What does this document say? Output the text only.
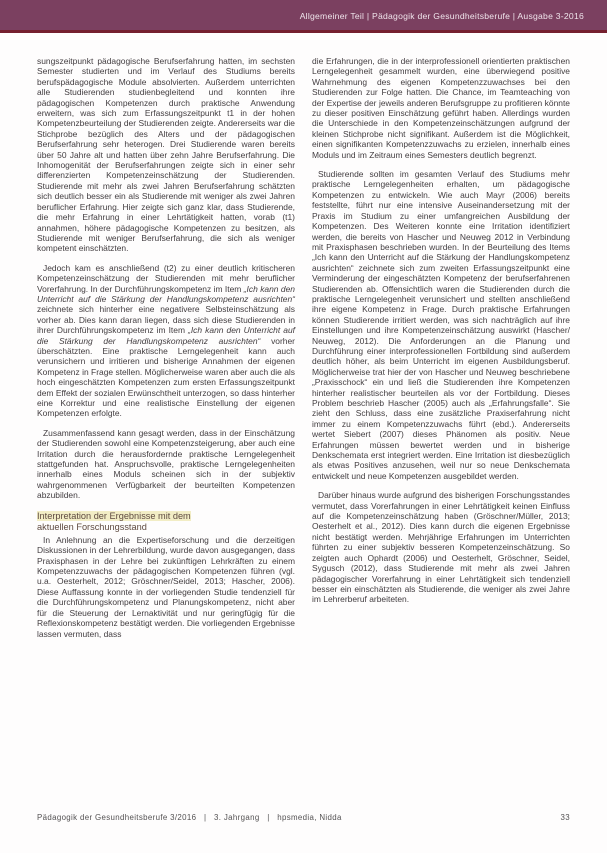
Allgemeiner Teil | Pädagogik der Gesundheitsberufe | Ausgabe 3-2016

sungszeitpunkt pädagogische Berufserfahrung hatten, im sechsten Semester studierten und im Verlauf des Studiums bereits berufspädagogische Module absolvierten. Außerdem unterrichten alle Studierenden studienbegleitend und konnten ihre pädagogischen Kompetenzen durch praktische Anwendung erweitern, was sich zum Erfassungszeitpunkt t1 in der hohen Kompetenzbeurteilung der Studierenden zeigte. Andererseits war die Stichprobe bezüglich des Alters und der pädagogischen Berufserfahrung sehr heterogen. Drei Studierende waren bereits über 50 Jahre alt und hatten über zehn Jahre Berufserfahrung. Die Inhomogenität der Berufserfahrungen zeigte sich in einer sehr differenzierten Kompetenzeinschätzung der Studierenden. Studierende mit mehr als zwei Jahren Berufserfahrung schätzten sich deutlich besser ein als Studierende mit weniger als zwei Jahren beruflicher Erfahrung. Hier zeigte sich ganz klar, dass Studierende, die mehr Erfahrung in einer Lehrtätigkeit hatten, vorab (t1) annahmen, höhere pädagogische Kompetenzen zu besitzen, als Studierende mit weniger Berufserfahrung, die sich als weniger kompetent einschätzten.

Jedoch kam es anschließend (t2) zu einer deutlich kritischeren Kompetenzeinschätzung der Studierenden mit mehr beruflicher Vorerfahrung. In der Durchführungskompetenz im Item „Ich kann den Unterricht auf die Stärkung der Handlungskompetenz ausrichten“ zeichnete sich hinterher eine negativere Selbsteinschätzung als vorher ab. Dies kann daran liegen, dass sich diese Studierenden in ihrer Durchführungskompetenz im Item „Ich kann den Unterricht auf die Stärkung der Handlungskompetenz ausrichten“ vorher überschätzten. Eine praktische Lerngelegenheit kann auch verunsichern und irritieren und bisherige Annahmen der eigenen Kompetenz in Frage stellen. Möglicherweise waren aber auch die als hoch eingeschätzten Kompetenzen zum ersten Erfassungszeitpunkt dem Effekt der sozialen Erwünschtheit unterzogen, so dass hinterher eine Korrektur und eine realistische Einstellung der eigenen Kompetenzen erfolgte.

Zusammenfassend kann gesagt werden, dass in der Einschätzung der Studierenden sowohl eine Kompetenzsteigerung, aber auch eine Irritation durch die herausfordernde praktische Lerngelegenheit stattgefunden hat. Anspruchsvolle, praktische Lerngelegenheiten innerhalb eines Moduls scheinen sich in der subjektiv wahrgenommenen Verfügbarkeit der beurteilten Kompetenzen abzubilden.

Interpretation der Ergebnisse mit dem
aktuellen Forschungsstand

In Anlehnung an die Expertiseforschung und die derzeitigen Diskussionen in der Lehrerbildung, wurde davon ausgegangen, dass Praxisphasen in der Lehre bei zukünftigen Lehrkräften zu einem Kompetenzzuwachs der pädagogischen Kompetenzen führen (vgl. u.a. Oesterhelt, 2012; Gröschner/Seidel, 2013; Hascher, 2006). Diese Auffassung konnte in der vorliegenden Studie tendenziell für die Durchführungskompetenz und Planungskompetenz, nicht aber für die Steuerung der Lernaktivität und nur geringfügig für die Reflexionskompetenz bestätigt werden. Die vorliegenden Ergebnisse lassen vermuten, dass

die Erfahrungen, die in der interprofessionell orientierten praktischen Lerngelegenheit gesammelt wurden, eine überwiegend positive Wahrnehmung des eigenen Kompetenzzuwachses bei den Studierenden zur Folge hatten. Die Chance, im Teamteaching von der Expertise der jeweils anderen Berufsgruppe zu profitieren könnte zu dieser positiven Einschätzung geführt haben. Allerdings wurden die Unterschiede in den Kompetenzeinschätzungen aufgrund der kleinen Stichprobe nicht signifikant. Außerdem ist die Möglichkeit, einen signifikanten Kompetenzzuwachs zu erzielen, innerhalb eines Moduls und im Zeitraum eines Semesters deutlich begrenzt.

Studierende sollten im gesamten Verlauf des Studiums mehr praktische Lerngelegenheiten erhalten, um pädagogische Kompetenzen zu entwickeln. Wie auch Mayr (2006) bereits feststellte, führt nur eine intensive Auseinandersetzung mit der Praxis im Studium zu einer umfangreichen Ausbildung der Kompetenzen. Des Weiteren konnte eine Irritation identifiziert werden, die bereits von Hascher und Neuweg 2012 in Verbindung mit Praxisphasen beschrieben wurden. In der Beurteilung des Items „Ich kann den Unterricht auf die Stärkung der Handlungskompetenz ausrichten“ zeichnete sich zum zweiten Erfassungszeitpunkt eine Verminderung der eingeschätzten Kompetenz der berufserfahrenen Studierenden ab. Offensichtlich waren die Studierenden durch die praktische Lerngelegenheit verunsichert und stellten anschließend ihre eigene Kompetenz in Frage. Durch praktische Erfahrungen können Studierende irritiert werden, was sich nachträglich auf ihre Einstellungen und ihre Kompetenzeinschätzung auswirkt (Hascher/ Neuweg, 2012). Die Anforderungen an die Planung und Durchführung einer interprofessionellen Fortbildung sind außerdem deutlich höher, als beim Unterricht im eigenen Ausbildungsberuf. Möglicherweise trat hier der von Hascher und Neuweg beschriebene „Praxisschock“ ein und ließ die Studierenden ihre Kompetenzen hinterher realistischer beurteilen als vor der Fortbildung. Dieses Problem beschrieb Hascher (2005) auch als „Erfahrungsfalle“. Sie zieht den Schluss, dass eine zusätzliche Praxiserfahrung nicht immer zu einem Kompetenzzuwachs führt (ebd.). Andererseits wertet Siebert (2007) dieses Phänomen als positiv. Neue Erfahrungen müssen bewertet werden und in bisherige Denkschemata erst integriert werden. Eine Irritation ist diesbezüglich als etwas Positives anzusehen, weil nur so neue Denkschemata entwickelt und neue Kompetenzen ausgebildet werden.

Darüber hinaus wurde aufgrund des bisherigen Forschungsstandes vermutet, dass Vorerfahrungen in einer Lehrtätigkeit keinen Einfluss auf die Kompetenzeinschätzung haben (Gröschner/Müller, 2013; Oesterhelt et al., 2012). Dies kann durch die eigenen Ergebnisse nicht bestätigt werden. Mehrjährige Erfahrungen im Unterrichten führten zu einer subjektiv besseren Kompetenzeinschätzung. So zeigten auch Ophardt (2006) und Oesterhelt, Gröschner, Seidel, Sygusch (2012), dass Studierende mit mehr als zwei Jahren pädagogischer Vorerfahrung in einer Lehrtätigkeit sich tendenziell besser ein einschätzten als Studierende, die weniger als zwei Jahre im Lehrerberuf arbeiteten.

Pädagogik der Gesundheitsberufe 3/2016   |   3. Jahrgang   |   hpsmedia, Nidda	33
